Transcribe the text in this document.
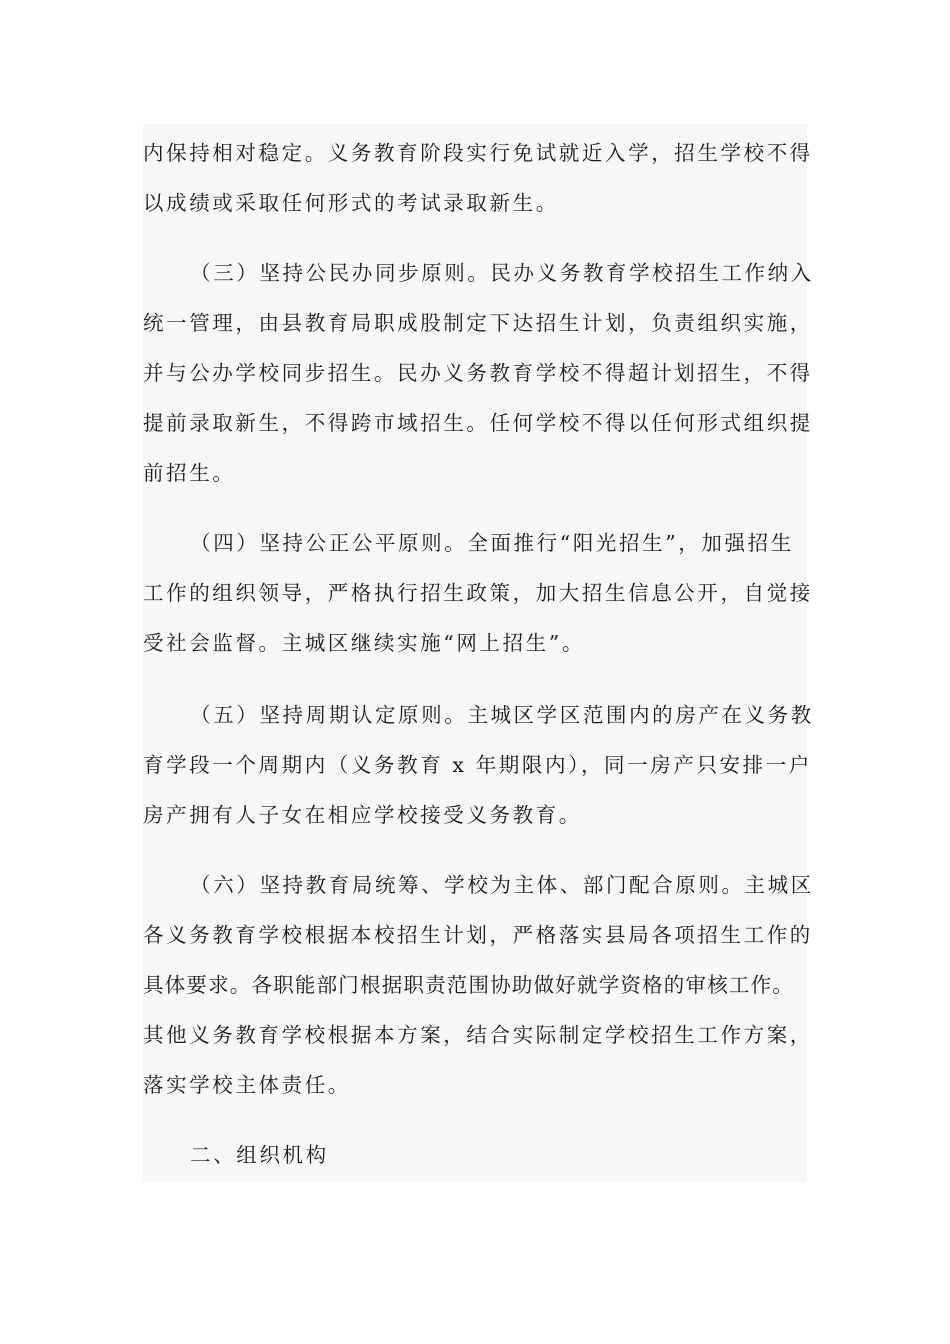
内保持相对稳定。义务教育阶段实行免试就近入学，招生学校不得
以成绩或采取任何形式的考试录取新生。
（三）坚持公民办同步原则。民办义务教育学校招生工作纳入
统一管理，由县教育局职成股制定下达招生计划，负责组织实施，
并与公办学校同步招生。民办义务教育学校不得超计划招生，不得
提前录取新生，不得跨市域招生。任何学校不得以任何形式组织提
前招生。
（四）坚持公正公平原则。全面推行“阳光招生”，加强招生
工作的组织领导，严格执行招生政策，加大招生信息公开，自觉接
受社会监督。主城区继续实施“网上招生”。
（五）坚持周期认定原则。主城区学区范围内的房产在义务教
育学段一个周期内（义务教育 x 年期限内），同一房产只安排一户
房产拥有人子女在相应学校接受义务教育。
（六）坚持教育局统筹、学校为主体、部门配合原则。主城区
各义务教育学校根据本校招生计划，严格落实县局各项招生工作的
具体要求。各职能部门根据职责范围协助做好就学资格的审核工作。
其他义务教育学校根据本方案，结合实际制定学校招生工作方案，
落实学校主体责任。
二、组织机构
